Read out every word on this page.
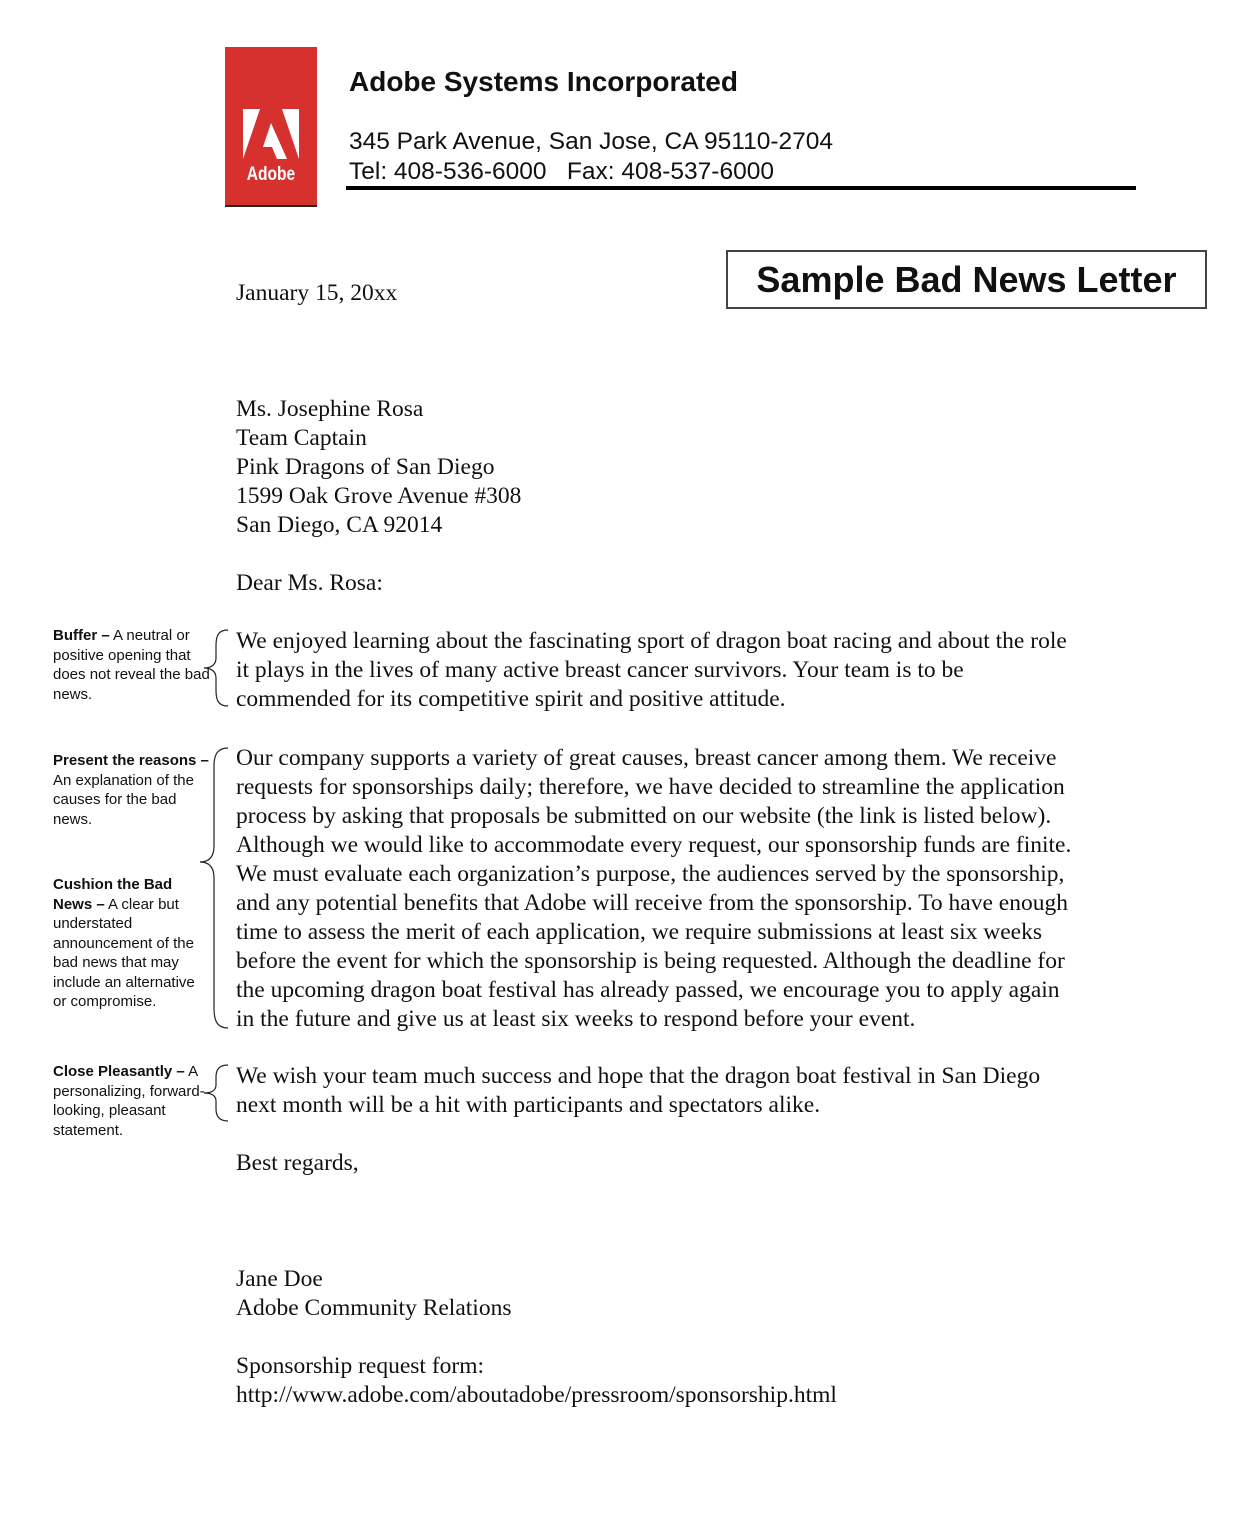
Adobe
Adobe Systems Incorporated
345 Park Avenue, San Jose, CA 95110-2704
Tel: 408-536-6000   Fax: 408-537-6000
Sample Bad News Letter
January 15, 20xx
Ms. Josephine Rosa
Team Captain
Pink Dragons of San Diego
1599 Oak Grove Avenue #308
San Diego, CA 92014
Dear Ms. Rosa:
We enjoyed learning about the fascinating sport of dragon boat racing and about the role
it plays in the lives of many active breast cancer survivors. Your team is to be
commended for its competitive spirit and positive attitude.
Our company supports a variety of great causes, breast cancer among them. We receive
requests for sponsorships daily; therefore, we have decided to streamline the application
process by asking that proposals be submitted on our website (the link is listed below).
Although we would like to accommodate every request, our sponsorship funds are finite.
We must evaluate each organization’s purpose, the audiences served by the sponsorship,
and any potential benefits that Adobe will receive from the sponsorship. To have enough
time to assess the merit of each application, we require submissions at least six weeks
before the event for which the sponsorship is being requested. Although the deadline for
the upcoming dragon boat festival has already passed, we encourage you to apply again
in the future and give us at least six weeks to respond before your event.
We wish your team much success and hope that the dragon boat festival in San Diego
next month will be a hit with participants and spectators alike.
Best regards,
Jane Doe
Adobe Community Relations
Sponsorship request form:
http://www.adobe.com/aboutadobe/pressroom/sponsorship.html
Buffer – A neutral or positive opening that does not reveal the bad news.
Present the reasons – An explanation of the causes for the bad news.
Cushion the Bad News – A clear but understated announcement of the bad news that may include an alternative or compromise.
Close Pleasantly – A personalizing, forward-looking, pleasant statement.
